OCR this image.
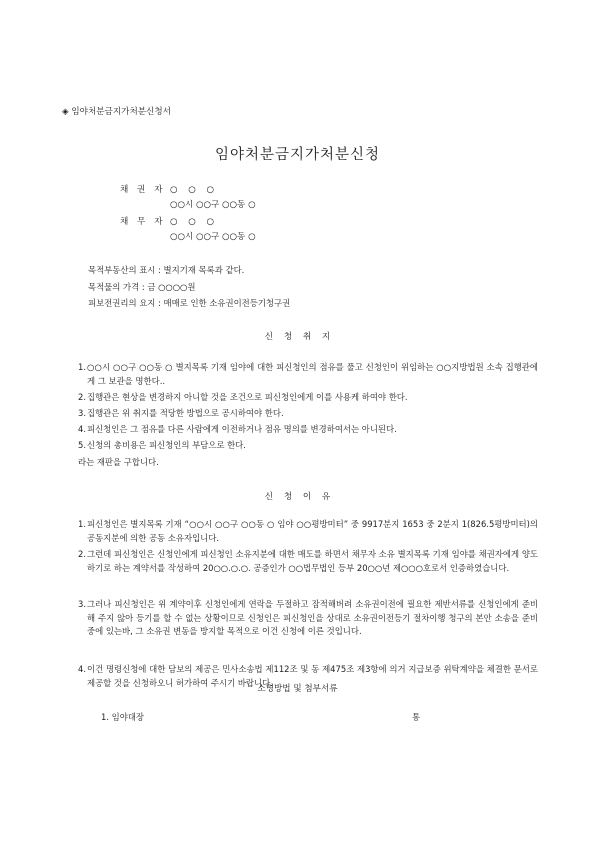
◈ 임야처분금지가처분신청서
임야처분금지가처분신청
채 권 자 ○ ○ ○
○○시 ○○구 ○○동 ○
채 무 자 ○ ○ ○
○○시 ○○구 ○○동 ○
목적부동산의 표시 : 별지기재 목록과 같다.
목적물의 가격 : 금 ○○○○원
피보전권리의 요지 : 매매로 인한 소유권이전등기청구권
신 청 취 지
1. ○○시 ○○구 ○○동 ○ 별지목록 기재 임야에 대한 피신청인의 점유를 풀고 신청인이 위임하는 ○○지방법원 소속 집행관에게 그 보관을 명한다..
2. 집행관은 현상을 변경하지 아니할 것을 조건으로 피신청인에게 이를 사용케 하여야 한다.
3. 집행관은 위 취지를 적당한 방법으로 공시하여야 한다.
4. 피신청인은 그 점유를 다른 사람에게 이전하거나 점유 명의를 변경하여서는 아니된다.
5. 신청의 총비용은 피신청인의 부담으로 한다.
라는 재판을 구합니다.
신 청 이 유
1. 피신청인은 별지목록 기재 “○○시 ○○구 ○○동 ○ 임야 ○○평방미터” 중 9917분지 1653 중 2분지 1(826.5평방미터)의 공동지분에 의한 공동 소유자입니다.
2. 그런데 피신청인은 신청인에게 피신청인 소유지분에 대한 매도를 하면서 채무자 소유 별지목록 기재 임야를 채권자에게 양도하기로 하는 계약서를 작성하여 20○○.○.○. 공증인가 ○○법무법인 등부 20○○년 제○○○호로서 인증하였습니다.
3. 그러나 피신청인은 위 계약이후 신청인에게 연락을 두절하고 잠적해버려 소유권이전에 필요한 제반서류를 신청인에게 준비해 주지 않아 등기를 할 수 없는 상황이므로 신청인은 피신청인을 상대로 소유권이전등기 절차이행 청구의 본안 소송을 준비중에 있는바, 그 소유권 변동을 방지할 목적으로 이건 신청에 이른 것입니다.
4. 이건 명령신청에 대한 담보의 제공은 민사소송법 제112조 및 동 제475조 제3항에 의거 지급보증 위탁계약을 체결한 문서로 제공할 것을 신청하오니 허가하여 주시기 바랍니다.
소명방법 및 첨부서류
1. 임야대장	통
